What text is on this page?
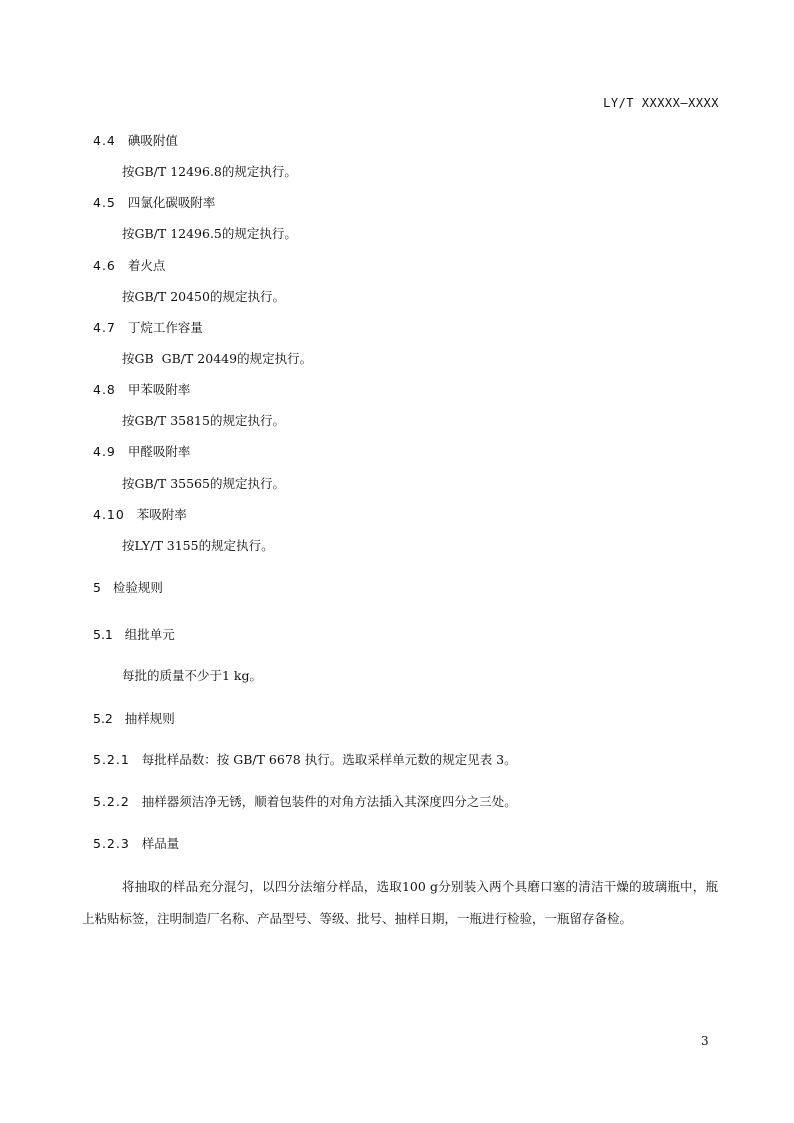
LY/T XXXXX—XXXX
4.4 碘吸附值
按GB/T 12496.8的规定执行。
4.5 四氯化碳吸附率
按GB/T 12496.5的规定执行。
4.6 着火点
按GB/T 20450的规定执行。
4.7 丁烷工作容量
按GB  GB/T 20449的规定执行。
4.8 甲苯吸附率
按GB/T 35815的规定执行。
4.9 甲醛吸附率
按GB/T 35565的规定执行。
4.10 苯吸附率
按LY/T 3155的规定执行。
5   检验规则
5.1   组批单元
每批的质量不少于1 kg。
5.2   抽样规则
5.2.1 每批样品数：按 GB/T 6678 执行。选取采样单元数的规定见表 3。
5.2.2 抽样器须洁净无锈，顺着包装件的对角方法插入其深度四分之三处。
5.2.3 样品量
将抽取的样品充分混匀，以四分法缩分样品，选取100 g分别装入两个具磨口塞的清洁干燥的玻璃瓶中，瓶上粘贴标签，注明制造厂名称、产品型号、等级、批号、抽样日期，一瓶进行检验，一瓶留存备检。
3
